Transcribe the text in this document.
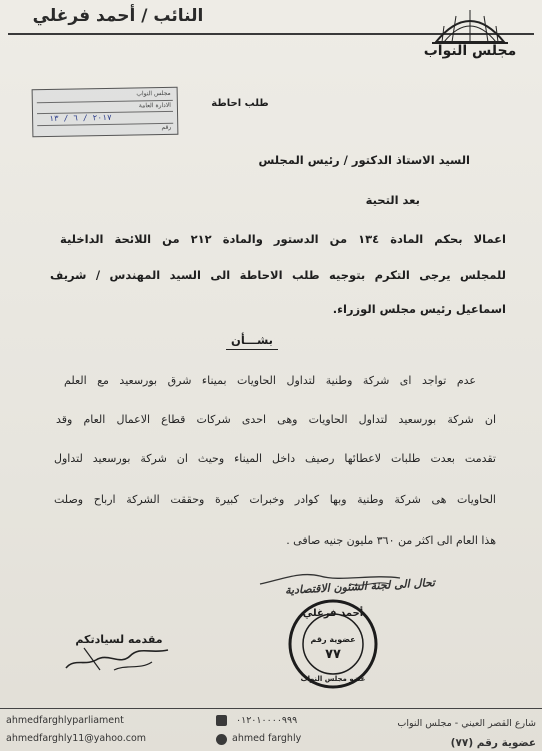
النائب / أحمد فرغلي
مجلس النواب
مجلس النواب
الادارة العامة
٢٠١٧ / ٦ / ١٣
رقم
طلب احاطة
السيد الاستاذ الدكتور / رئيس المجلس
بعد التحية
اعمالا بحكم المادة ١٣٤ من الدستور والمادة ٢١٢ من اللائحة الداخلية
للمجلس يرجى التكرم بتوجيه طلب الاحاطة الى السيد المهندس / شريف
اسماعيل رئيس مجلس الوزراء.
بشـــأن
عدم تواجد اى شركة وطنية لتداول الحاويات بميناء شرق بورسعيد مع العلم
ان شركة بورسعيد لتداول الحاويات وهى احدى شركات قطاع الاعمال العام وقد
تقدمت بعدت طلبات لاعطائها رصيف داخل الميناء وحيث ان شركة بورسعيد لتداول
الحاويات هى شركة وطنية وبها كوادر وخبرات كبيرة وحققت الشركة ارباح وصلت
هذا العام الى اكثر من ٣٦٠ مليون جنيه صافى .
تحال الى لجنة الشئون الاقتصادية
مقدمه لسيادتكم
أحمد فرغلي
عضوية رقم
٧٧
عضو مجلس النواب
شارع القصر العيني - مجلس النواب
عضوية رقم (٧٧)
٠١٢٠١٠٠٠٠٩٩٩
ahmed farghly
ahmedfarghlyparliament
ahmedfarghly11@yahoo.com
